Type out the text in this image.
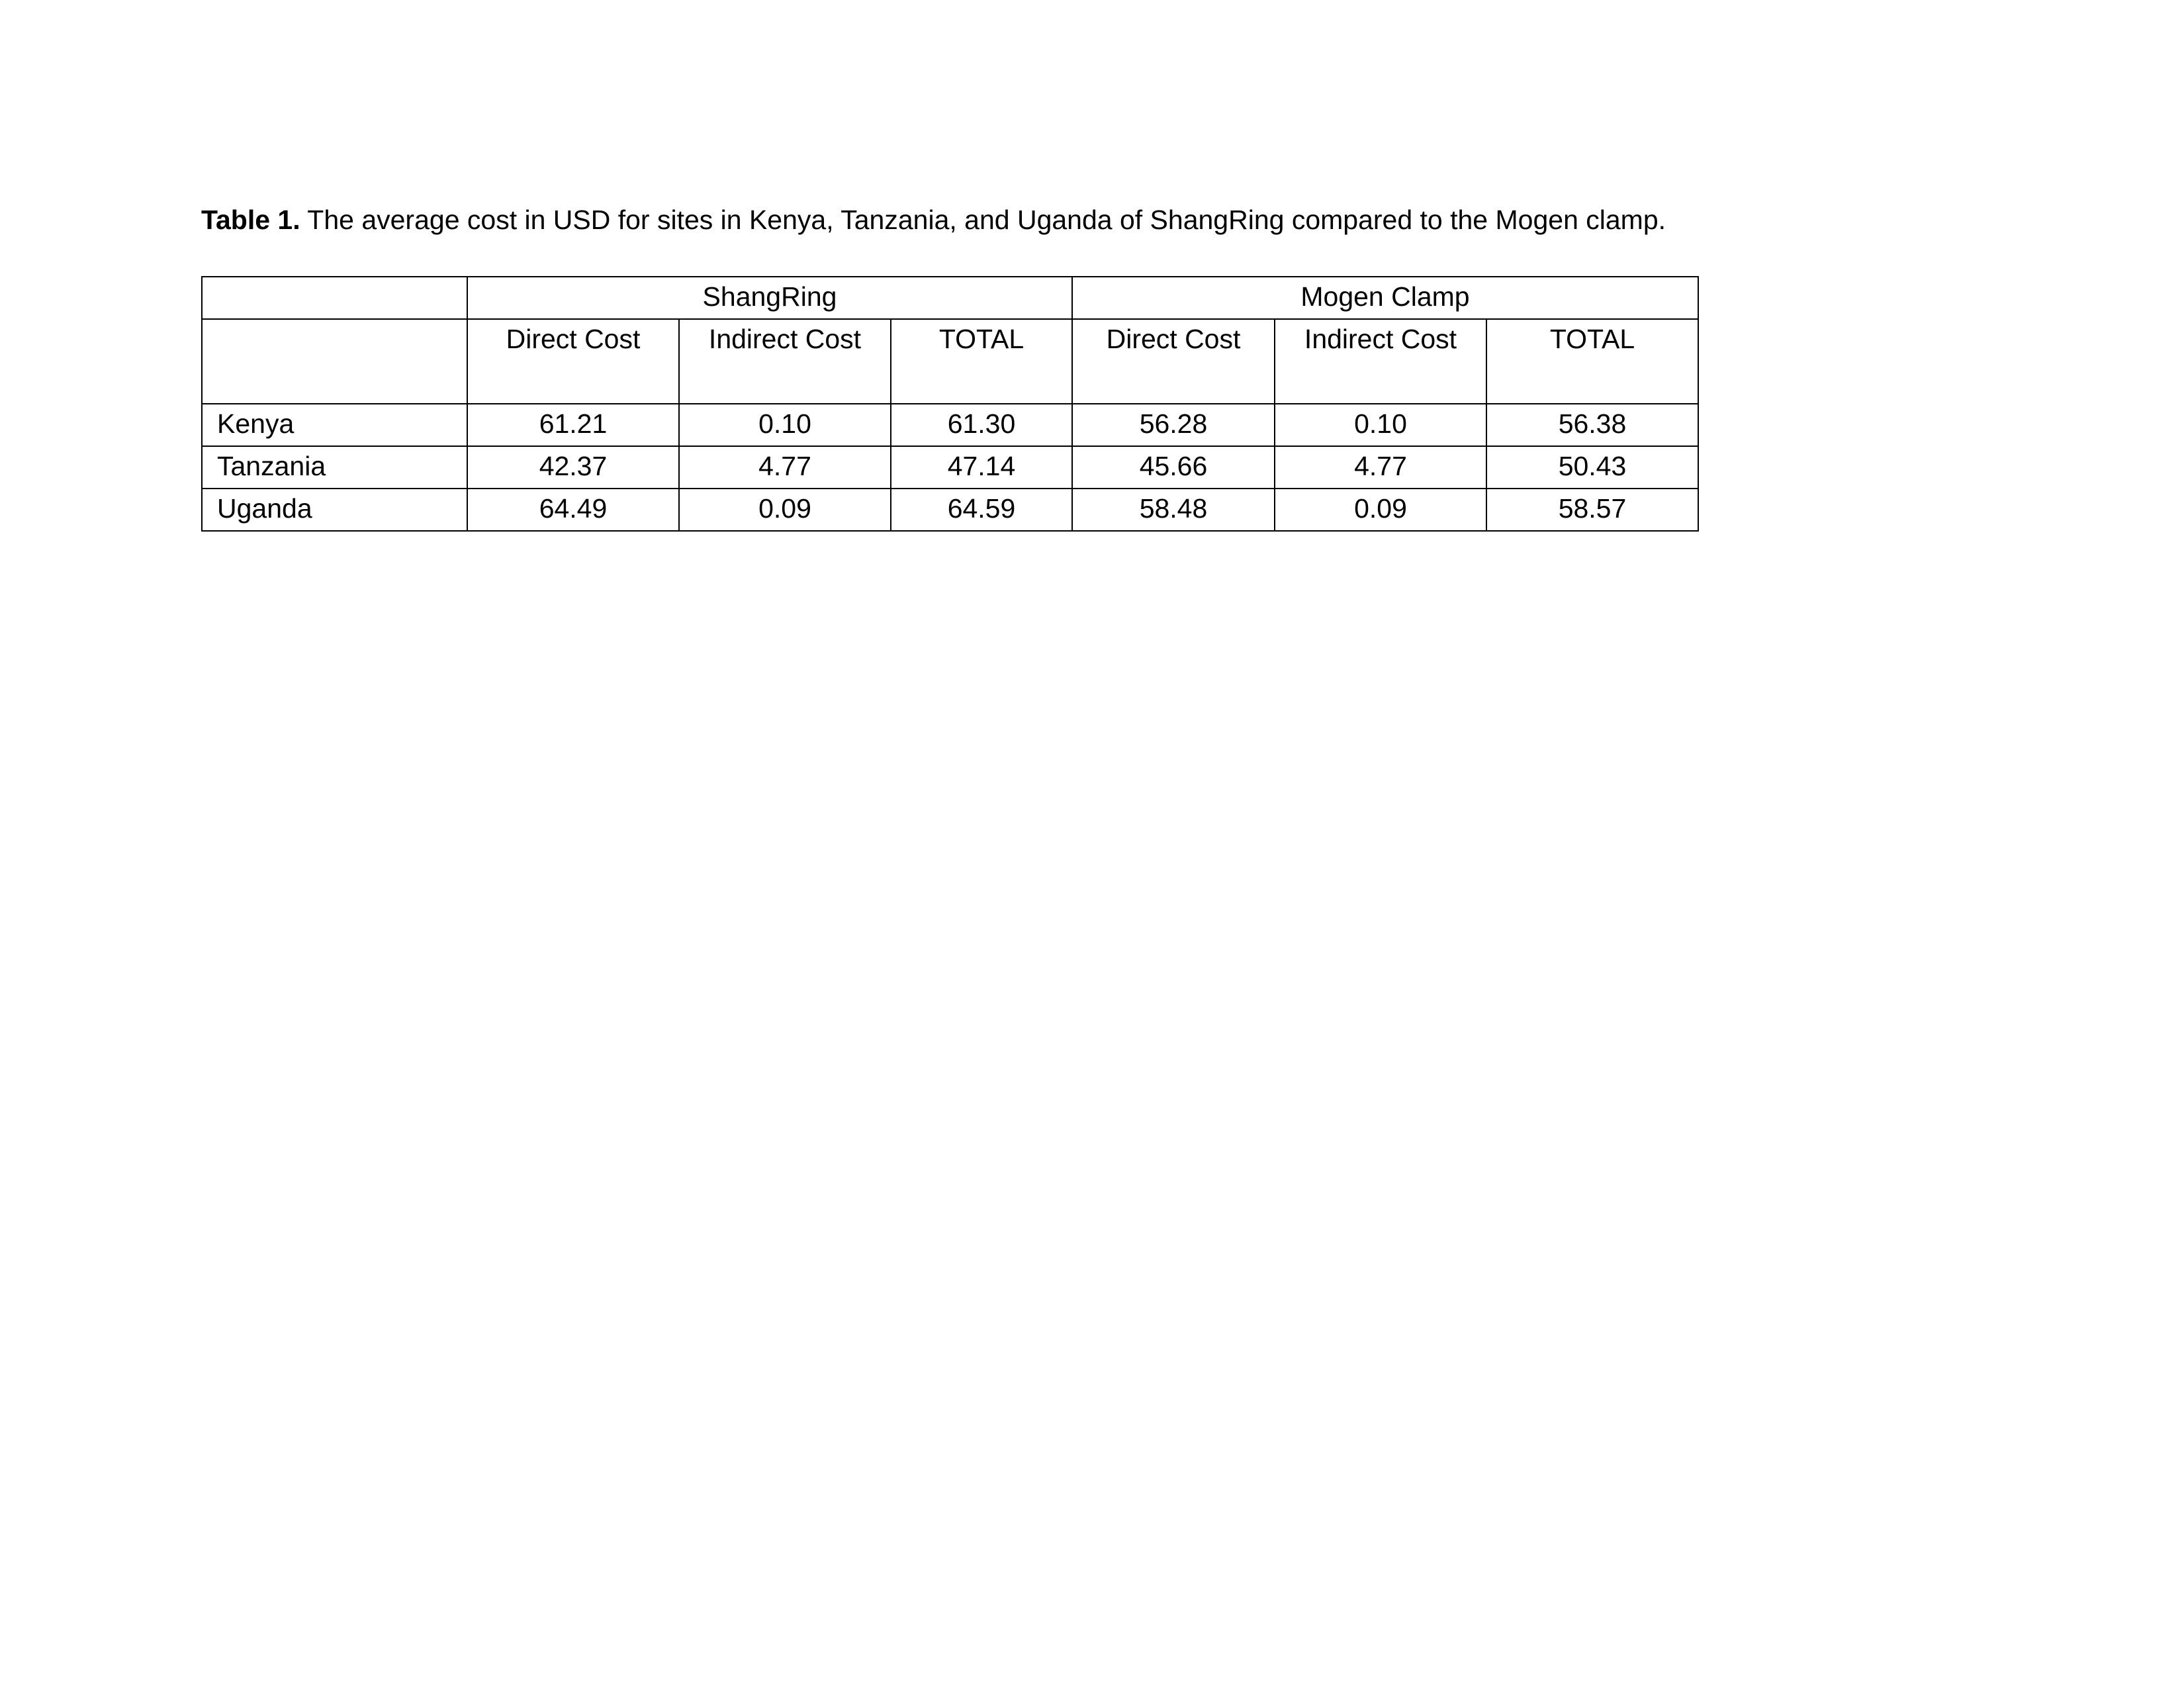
Table 1. The average cost in USD for sites in Kenya, Tanzania, and Uganda of ShangRing compared to the Mogen clamp.

	ShangRing			Mogen Clamp		
	Direct Cost	Indirect Cost	TOTAL	Direct Cost	Indirect Cost	TOTAL
Kenya	61.21	0.10	61.30	56.28	0.10	56.38
Tanzania	42.37	4.77	47.14	45.66	4.77	50.43
Uganda	64.49	0.09	64.59	58.48	0.09	58.57
